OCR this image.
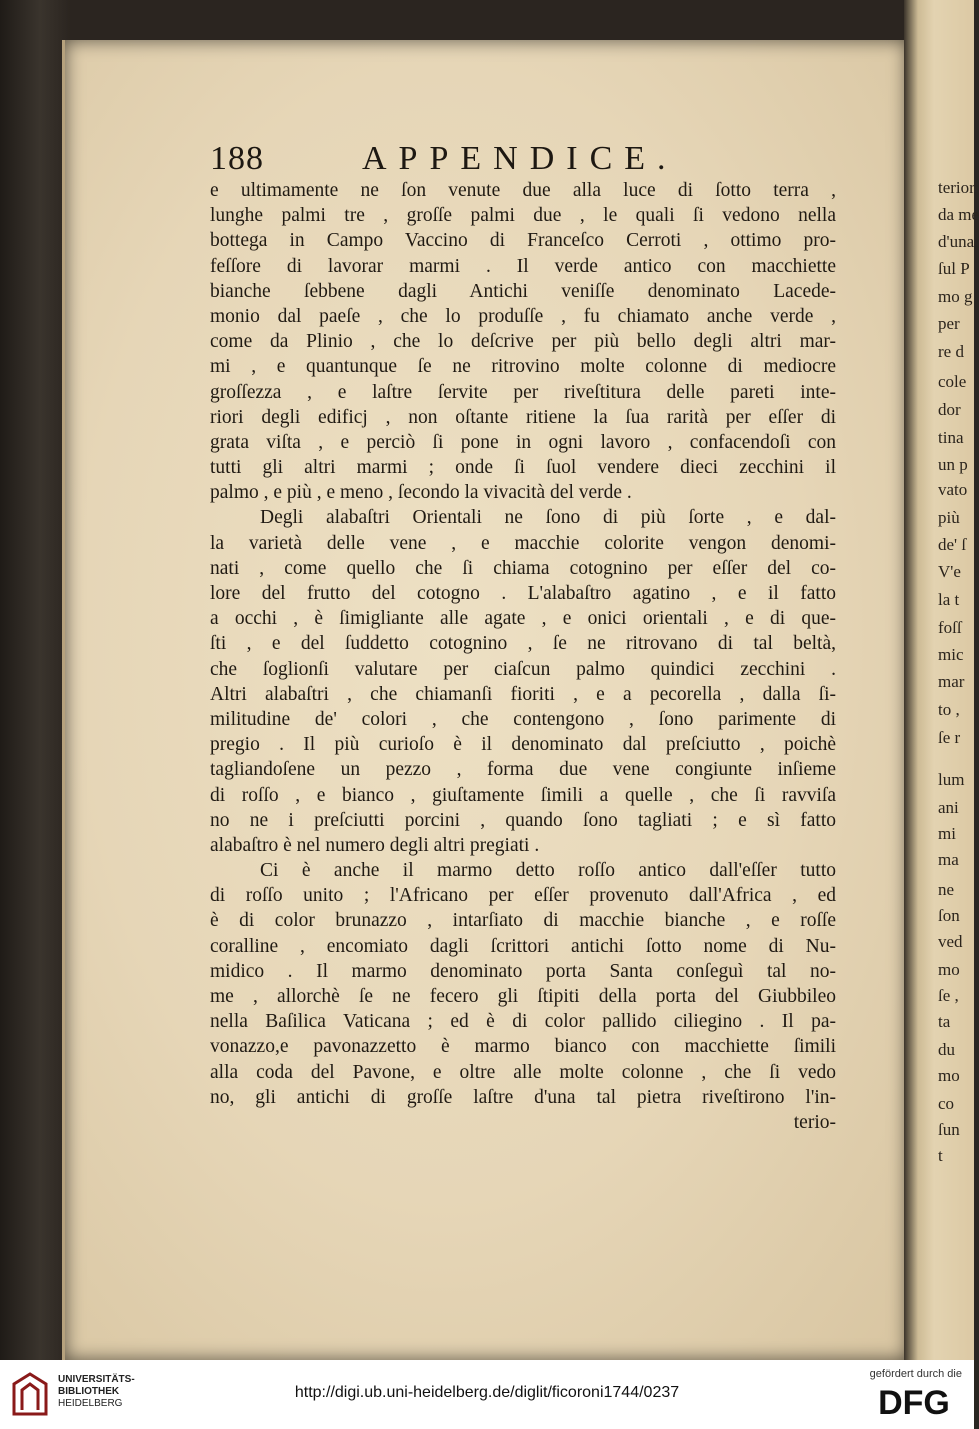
188	APPENDICE.
e ultimamente ne ſon venute due alla luce di ſotto terra ,
lunghe palmi tre , groſſe palmi due , le quali ſi vedono nella
bottega in Campo Vaccino di Franceſco Cerroti , ottimo pro-
feſſore di lavorar marmi . Il verde antico con macchiette
bianche ſebbene dagli Antichi veniſſe denominato Lacede-
monio dal paeſe , che lo produſſe , fu chiamato anche verde ,
come da Plinio , che lo deſcrive per più bello degli altri mar-
mi , e quantunque ſe ne ritrovino molte colonne di mediocre
groſſezza , e laſtre ſervite per riveſtitura delle pareti inte-
riori degli edificj , non oſtante ritiene la ſua rarità per eſſer di
grata viſta , e perciò ſi pone in ogni lavoro , confacendoſi con
tutti gli altri marmi ; onde ſi ſuol vendere dieci zecchini il
palmo , e più , e meno , ſecondo la vivacità del verde .
Degli alabaſtri Orientali ne ſono di più ſorte , e dal-
la varietà delle vene , e macchie colorite vengon denomi-
nati , come quello che ſi chiama cotognino per eſſer del co-
lore del frutto del cotogno . L'alabaſtro agatino , e il fatto
a occhi , è ſimigliante alle agate , e onici orientali , e di que-
ſti , e del ſuddetto cotognino , ſe ne ritrovano di tal beltà,
che ſoglionſi valutare per ciaſcun palmo quindici zecchini .
Altri alabaſtri , che chiamanſi fioriti , e a pecorella , dalla ſi-
militudine de' colori , che contengono , ſono parimente di
pregio . Il più curioſo è il denominato dal preſciutto , poichè
tagliandoſene un pezzo , forma due vene congiunte inſieme
di roſſo , e bianco , giuſtamente ſimili a quelle , che ſi ravviſa
no ne i preſciutti porcini , quando ſono tagliati ; e sì fatto
alabaſtro è nel numero degli altri pregiati .
Ci è anche il marmo detto roſſo antico dall'eſſer tutto
di roſſo unito ; l'Africano per eſſer provenuto dall'Africa , ed
è di color brunazzo , intarſiato di macchie bianche , e roſſe
coralline , encomiato dagli ſcrittori antichi ſotto nome di Nu-
midico . Il marmo denominato porta Santa conſeguì tal no-
me , allorchè ſe ne fecero gli ſtipiti della porta del Giubbileo
nella Baſilica Vaticana ; ed è di color pallido ciliegino . Il pa-
vonazzo,e pavonazzetto è marmo bianco con macchiette ſimili
alla coda del Pavone, e oltre alle molte colonne , che ſi vedo
no, gli antichi di groſſe laſtre d'una tal pietra riveſtirono l'in-
terio-
terior
da me
d'una
ſul P
mo g
per
re d
cole
dor
tina
un p
vato
più
de' ſ
V'e
la t
foſſ
mic
mar
to ,
ſe r
lum
ani
mi
ma
ne
ſon
ved
mo
ſe ,
ta
du
mo
co
ſun
t
UNIVERSITÄTS-
BIBLIOTHEK
HEIDELBERG
http://digi.ub.uni-heidelberg.de/diglit/ficoroni1744/0237
gefördert durch die
DFG
